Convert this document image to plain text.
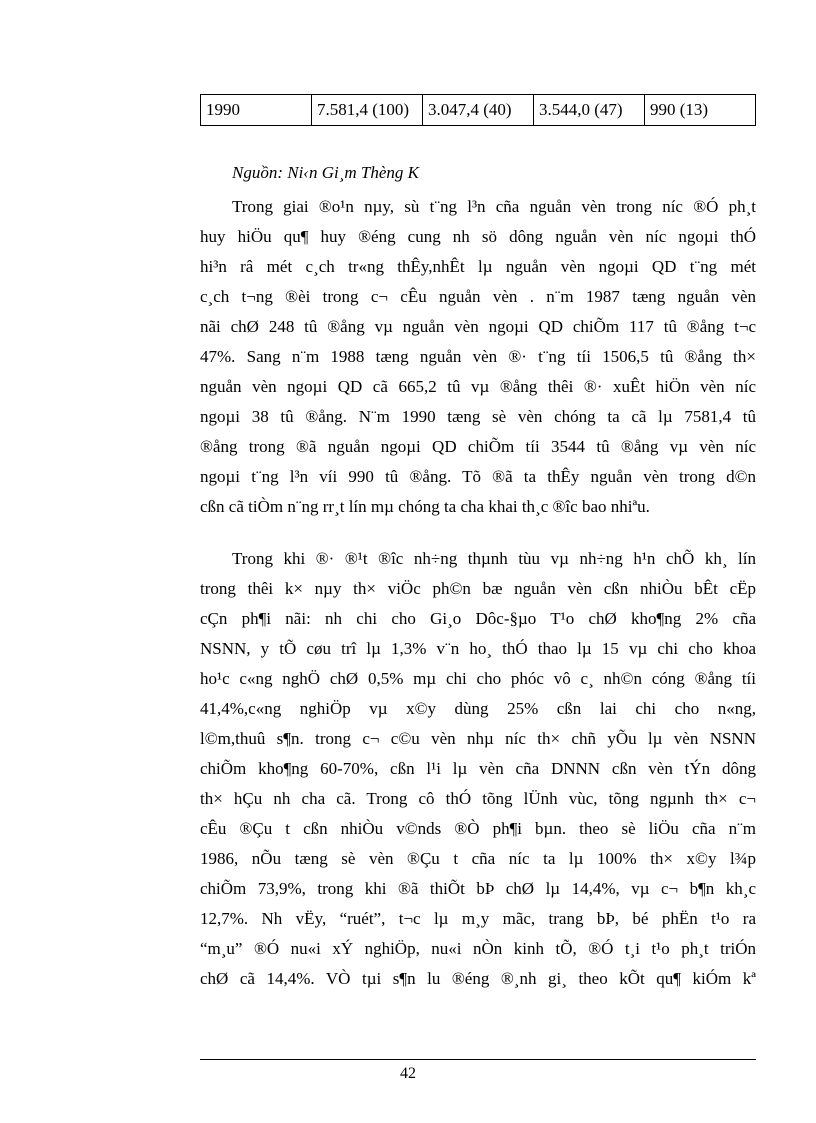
1990	7.581,4 (100)	3.047,4 (40)	3.544,0 (47)	990 (13)
Nguồn: Ni‹n Gi¸m Thèng K
Trong giai ®o¹n nµy, sù t¨ng l³n cña nguån vèn trong níc ®Ó ph¸t
huy hiÖu qu¶ huy ®éng cung nh sö dông nguån vèn níc ngoµi thÓ
hi³n râ mét c¸ch tr«ng thÊy,nhÊt lµ nguån vèn ngoµi QD t¨ng mét
c¸ch t¬ng ®èi trong c¬ cÊu nguån vèn . n¨m 1987 tæng nguån vèn
nãi chØ 248 tû ®ång vµ nguån vèn ngoµi QD chiÕm 117 tû ®ång t¬c
47%. Sang n¨m 1988 tæng nguån vèn ®· t¨ng tíi 1506,5 tû ®ång th×
nguån vèn ngoµi QD cã 665,2 tû vµ ®ång thêi ®· xuÊt hiÖn vèn níc
ngoµi 38 tû ®ång. N¨m 1990 tæng sè vèn chóng ta cã lµ 7581,4 tû
®ång trong ®ã nguån ngoµi QD chiÕm tíi 3544 tû ®ång vµ vèn níc
ngoµi t¨ng l³n víi 990 tû ®ång. Tõ ®ã ta thÊy nguån vèn trong d©n
cßn cã tiÒm n¨ng rr¸t lín mµ chóng ta cha khai th¸c ®îc bao nhiªu.
Trong khi ®· ®¹t ®îc nh÷ng thµnh tùu vµ nh÷ng h¹n chÕ kh¸ lín
trong thêi k× nµy th× viÖc ph©n bæ nguån vèn cßn nhiÒu bÊt cËp
cÇn ph¶i nãi: nh chi cho Gi¸o Dôc-§µo T¹o chØ kho¶ng 2% cña
NSNN, y tÕ cøu trî lµ 1,3% v¨n ho¸ thÓ thao lµ 15 vµ chi cho khoa
ho¹c c«ng nghÖ chØ 0,5% mµ chi cho phóc vô c¸ nh©n cóng ®ång tíi
41,4%,c«ng nghiÖp vµ x©y dùng 25% cßn lai chi cho n«ng,
l©m,thuû s¶n. trong c¬ c©u vèn nhµ níc th× chñ yÕu lµ vèn NSNN
chiÕm kho¶ng 60-70%, cßn l¹i lµ vèn cña DNNN cßn vèn tÝn dông
th× hÇu nh cha cã. Trong cô thÓ tõng lÜnh vùc, tõng ngµnh th× c¬
cÊu ®Çu t cßn nhiÒu v©nds ®Ò ph¶i bµn. theo sè liÖu cña n¨m
1986, nÕu tæng sè vèn ®Çu t cña níc ta lµ 100% th× x©y l¾p
chiÕm 73,9%, trong khi ®ã thiÕt bÞ chØ lµ 14,4%, vµ c¬ b¶n kh¸c
12,7%. Nh vËy, “ruét”, t¬c lµ m¸y mãc, trang bÞ, bé phËn t¹o ra
“m¸u” ®Ó nu«i xÝ nghiÖp, nu«i nÒn kinh tÕ, ®Ó t¸i t¹o ph¸t triÓn
chØ cã 14,4%. VÒ tµi s¶n lu ®éng ®¸nh gi¸ theo kÕt qu¶ kiÓm kª
42
